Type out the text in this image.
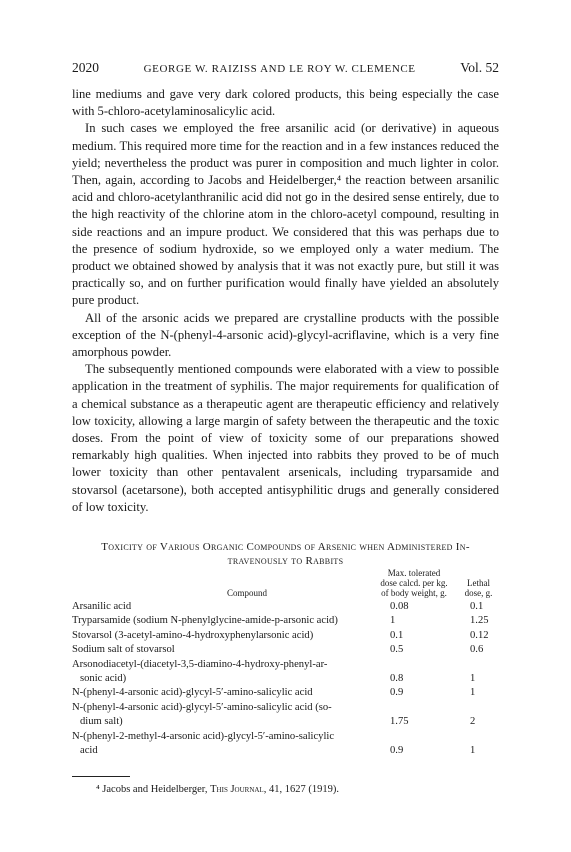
2020	GEORGE W. RAIZISS AND LE ROY W. CLEMENCE	Vol. 52

line mediums and gave very dark colored products, this being especially the case with 5-chloro-acetylaminosalicylic acid.

In such cases we employed the free arsanilic acid (or derivative) in aqueous medium. This required more time for the reaction and in a few instances reduced the yield; nevertheless the product was purer in composition and much lighter in color. Then, again, according to Jacobs and Heidelberger,⁴ the reaction between arsanilic acid and chloro-acetylanthranilic acid did not go in the desired sense entirely, due to the high reactivity of the chlorine atom in the chloro-acetyl compound, resulting in side reactions and an impure product. We considered that this was perhaps due to the presence of sodium hydroxide, so we employed only a water medium. The product we obtained showed by analysis that it was not exactly pure, but still it was practically so, and on further purification would finally have yielded an absolutely pure product.

All of the arsonic acids we prepared are crystalline products with the possible exception of the N-(phenyl-4-arsonic acid)-glycyl-acriflavine, which is a very fine amorphous powder.

The subsequently mentioned compounds were elaborated with a view to possible application in the treatment of syphilis. The major requirements for qualification of a chemical substance as a therapeutic agent are therapeutic efficiency and relatively low toxicity, allowing a large margin of safety between the therapeutic and the toxic doses. From the point of view of toxicity some of our preparations showed remarkably high qualities. When injected into rabbits they proved to be of much lower toxicity than other pentavalent arsenicals, including tryparsamide and stovarsol (acetarsone), both accepted antisyphilitic drugs and generally considered of low toxicity.

Toxicity of Various Organic Compounds of Arsenic when Administered In-
travenously to Rabbits
Compound
Max. tolerated
dose calcd. per kg.
of body weight, g.
Lethal
dose, g.
Arsanilic acid	0.08	0.1
Tryparsamide (sodium N-phenylglycine-amide-p-arsonic acid)	1	1.25
Stovarsol (3-acetyl-amino-4-hydroxyphenylarsonic acid)	0.1	0.12
Sodium salt of stovarsol	0.5	0.6
Arsonodiacetyl-(diacetyl-3,5-diamino-4-hydroxy-phenyl-ar-
sonic acid)	0.8	1
N-(phenyl-4-arsonic acid)-glycyl-5′-amino-salicylic acid	0.9	1
N-(phenyl-4-arsonic acid)-glycyl-5′-amino-salicylic acid (so-
dium salt)	1.75	2
N-(phenyl-2-methyl-4-arsonic acid)-glycyl-5′-amino-salicylic
acid	0.9	1
⁴ Jacobs and Heidelberger, This Journal, 41, 1627 (1919).
